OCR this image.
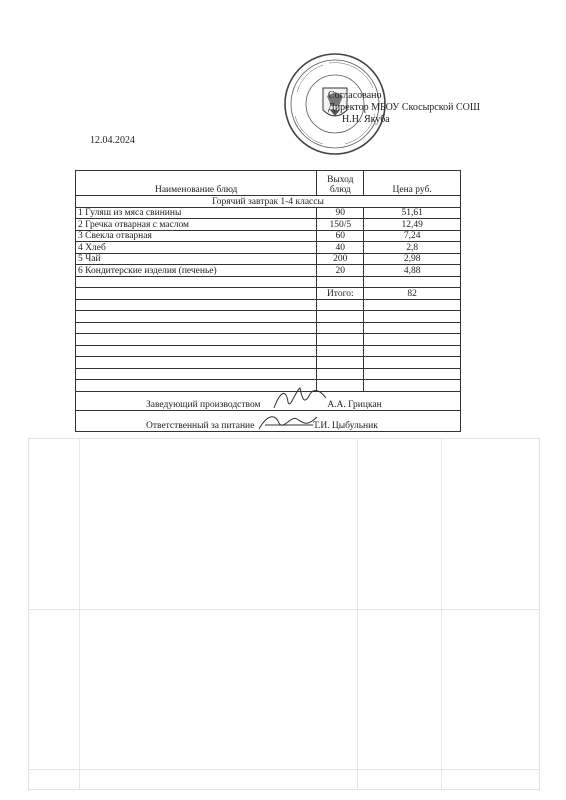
Согласовано
Директор МБОУ Скосырской СОШ
Н.Н. Якуба
12.04.2024
Наименование блюд	Выход блюд	Цена руб.
Горячий завтрак 1-4 классы		
1 Гуляш из мяса свинины	90	51,61
2 Гречка отварная с маслом	150/5	12,49
3 Свекла отварная	60	7,24
4 Хлеб	40	2,8
5 Чай	200	2,98
6 Кондитерские изделия (печенье)	20	4,88

	Итого:	82

Заведующий производством А.А. Грицкан		
Ответственный за питание Т.И. Цыбульник		
